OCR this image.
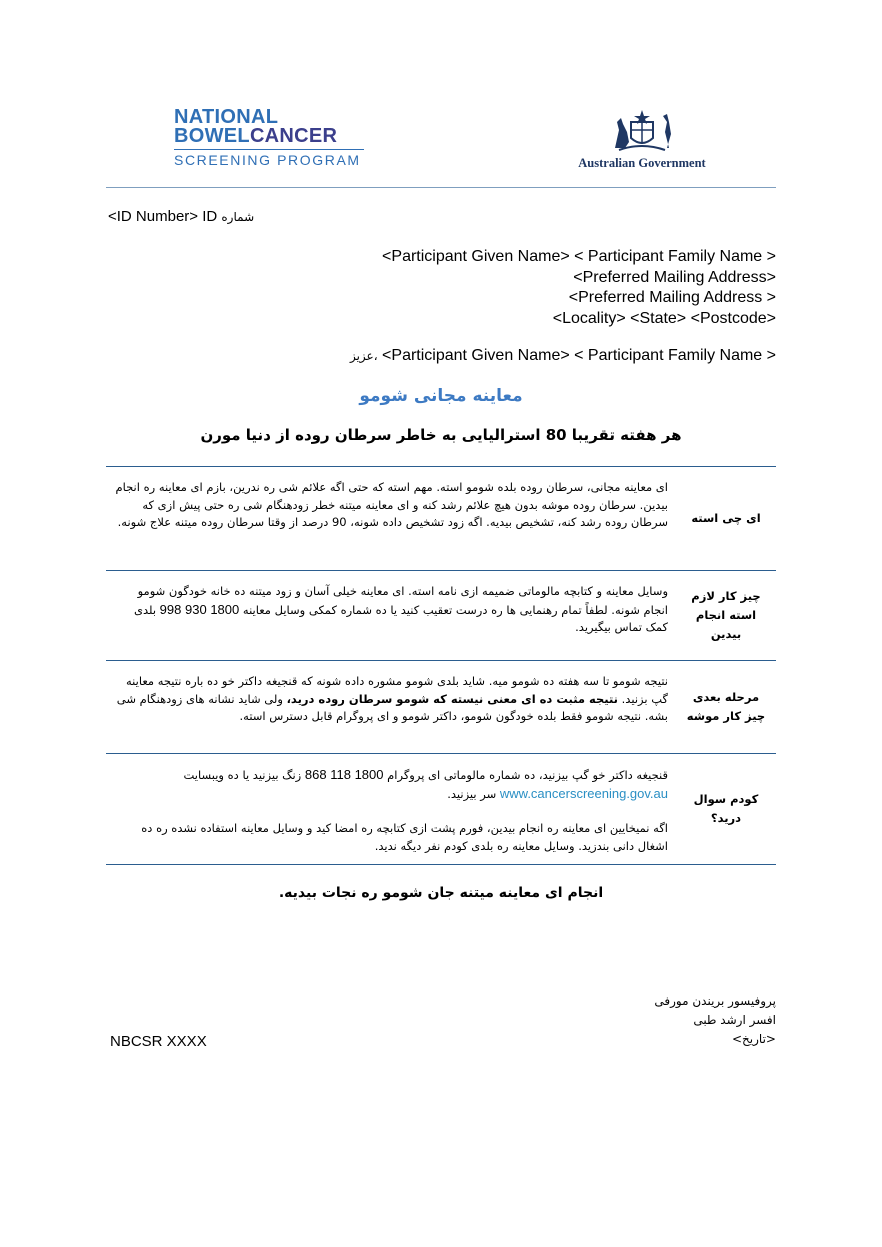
NATIONAL
BOWELCANCER
SCREENING PROGRAM	Australian Government
<ID Number> ID شماره
<Participant Given Name> < Participant Family Name >
<Preferred Mailing Address>
<Preferred Mailing Address >
<Locality> <State> <Postcode>
عزیز، <Participant Given Name> < Participant Family Name >
معاینه مجانی شومو
هر هفته تقریبا 80 استرالیایی به خاطر سرطان روده از دنیا مورن
ای چی استه

ای معاینه مجانی، سرطان روده بلده شومو استه. مهم استه که حتی اگه علائم شی ره ندرین، بازم ای معاینه ره انجام بیدین. سرطان روده موشه بدون هیچ علائم رشد کنه و ای معاینه میتنه خطر زودهنگام شی ره حتی پیش ازی که سرطان روده رشد کنه، تشخیص بیدیه. اگه زود تشخیص داده شونه، 90 درصد از وقتا سرطان روده میتنه علاج شونه.

چیز کار لازم استه انجام بیدین

وسایل معاینه و کتابچه مالوماتی ضمیمه ازی نامه استه. ای معاینه خیلی آسان و زود میتنه ده خانه خودگون شومو انجام شونه. لطفاً تمام رهنمایی ها ره درست تعقیب کنید یا ده شماره کمکی وسایل معاینه 1800 930 998 بلدی کمک تماس بیگیرید.

مرحله بعدی چیز کار موشه

نتیجه شومو تا سه هفته ده شومو میه. شاید بلدی شومو مشوره داده شونه که قنجیغه داکتر خو ده باره نتیجه معاینه گپ بزنید. نتیجه مثبت ده ای معنی نیسته که شومو سرطان روده درید، ولی شاید نشانه های زودهنگام شی بشه. نتیجه شومو فقط بلده خودگون شومو، داکتر شومو و ای پروگرام قابل دسترس استه.

کودم سوال درید؟

قنجیغه داکتر خو گپ بیزنید، ده شماره مالوماتی ای پروگرام 1800 118 868 زنگ بیزنید یا ده ویبسایت www.cancerscreening.gov.au سر بیزنید.

اگه نمیخایین ای معاینه ره انجام بیدین، فورم پشت ازی کتابچه ره امضا کید و وسایل معاینه استفاده نشده ره ده اشغال دانی بندزید. وسایل معاینه ره بلدی کودم نفر دیگه ندید.

انجام ای معاینه میتنه جان شومو ره نجات بیدیه.
پروفیسور بریندن مورفی
افسر ارشد طبی
<تاریخ>
NBCSR XXXX
